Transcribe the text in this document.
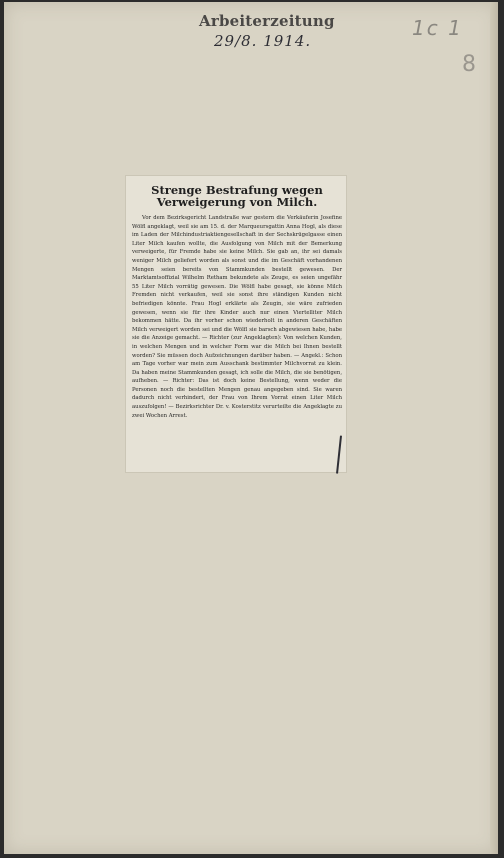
Arbeiterzeitung
29/8. 1914.
1c 1
8
Strenge Bestrafung wegen Verweigerung von Milch.

Vor dem Bezirksgericht Landstraße war gestern die Verkäuferin Josefine Wölfl angeklagt, weil sie am 15. d. der Marqueursgattin Anna Hogl, als diese im Laden der Milchindustriaktiengesellschaft in der Sechskrügelgasse einen Liter Milch kaufen wollte, die Ausfolgung von Milch mit der Bemerkung verweigerte, für Fremde habe sie keine Milch. Sie gab an, ihr sei damals weniger Milch geliefert worden als sonst und die im Geschäft vorhandenen Mengen seien bereits von Stammkunden bestellt gewesen. Der Marktamtsoffizial Wilhelm Retham bekundete als Zeuge, es seien ungefähr 55 Liter Milch vorrätig gewesen. Die Wölfl habe gesagt, sie könne Milch Fremden nicht verkaufen, weil sie sonst ihre ständigen Kunden nicht befriedigen könnte. Frau Hogl erklärte als Zeugin, sie wäre zufrieden gewesen, wenn sie für ihre Kinder auch nur einen Viertelliter Milch bekommen hätte. Da ihr vorher schon wiederholt in anderen Geschäften Milch verweigert worden sei und die Wölfl sie barsch abgewiesen habe, habe sie die Anzeige gemacht. — Richter (zur Angeklagten): Von welchen Kunden, in welchen Mengen und in welcher Form war die Milch bei Ihnen bestellt worden? Sie müssen doch Aufzeichnungen darüber haben. — Angekl.: Schon am Tage vorher war mein zum Ausschank bestimmter Milchvorrat zu klein. Da haben meine Stammkunden gesagt, ich solle die Milch, die sie benötigen, aufheben. — Richter: Das ist doch keine Bestellung, wenn weder die Personen noch die bestellten Mengen genau angegeben sind. Sie waren dadurch nicht verhindert, der Frau von Ihrem Vorrat einen Liter Milch auszufolgen! — Bezirksrichter Dr. v. Kosterstitz verurteilte die Angeklagte zu zwei Wochen Arrest.
